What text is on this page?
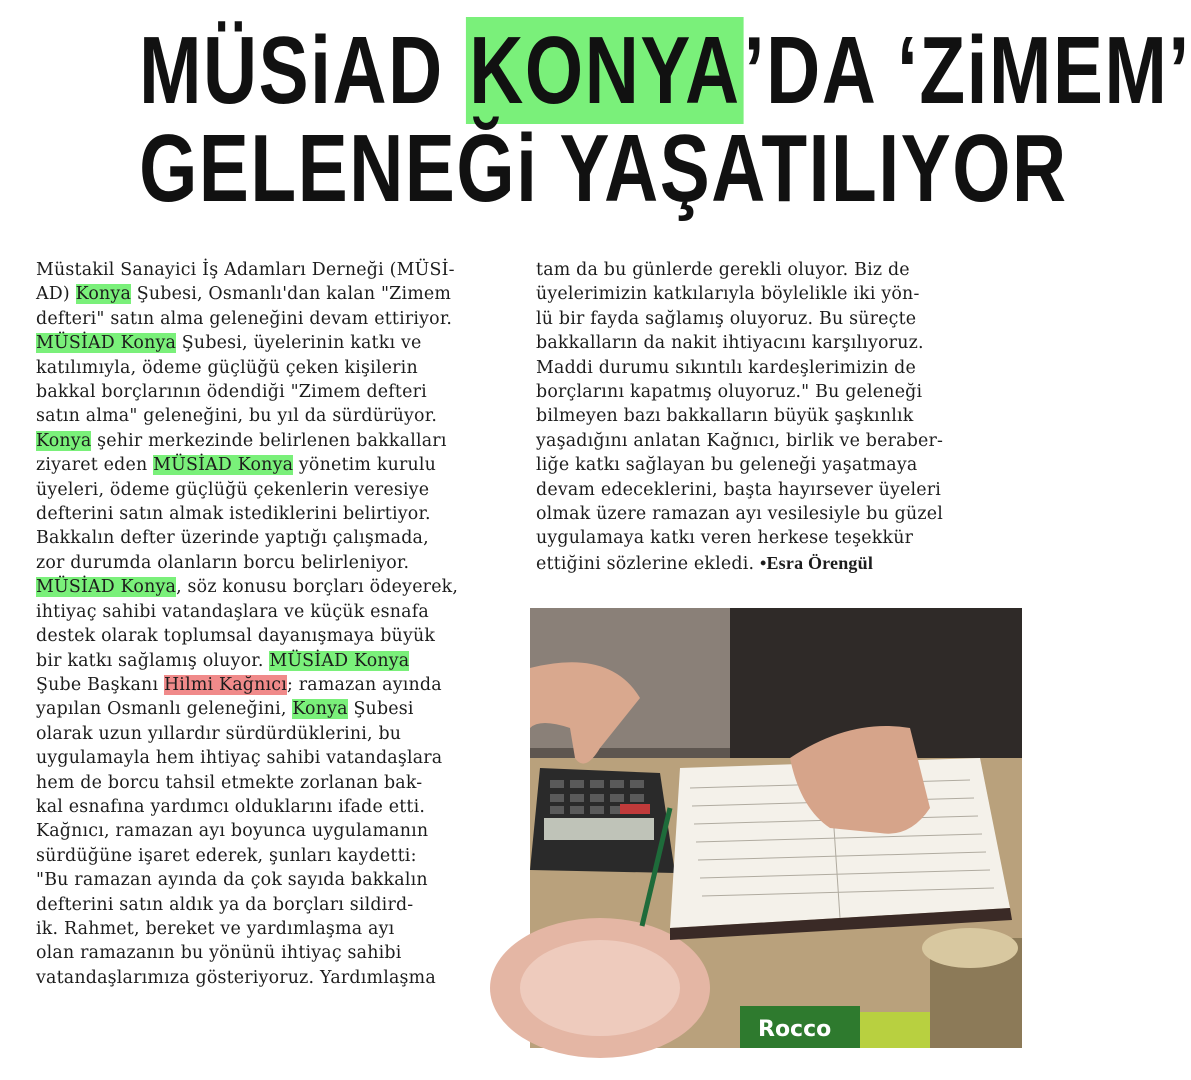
MÜSiAD KONYA’DA ‘ZiMEM’
GELENEĞi YAŞATILIYOR
Müstakil Sanayici İş Adamları Derneği (MÜSİ-
AD) Konya Şubesi, Osmanlı'dan kalan "Zimem
defteri" satın alma geleneğini devam ettiriyor.
MÜSİAD Konya Şubesi, üyelerinin katkı ve
katılımıyla, ödeme güçlüğü çeken kişilerin
bakkal borçlarının ödendiği "Zimem defteri
satın alma" geleneğini, bu yıl da sürdürüyor.
Konya şehir merkezinde belirlenen bakkalları
ziyaret eden MÜSİAD Konya yönetim kurulu
üyeleri, ödeme güçlüğü çekenlerin veresiye
defterini satın almak istediklerini belirtiyor.
Bakkalın defter üzerinde yaptığı çalışmada,
zor durumda olanların borcu belirleniyor.
MÜSİAD Konya, söz konusu borçları ödeyerek,
ihtiyaç sahibi vatandaşlara ve küçük esnafa
destek olarak toplumsal dayanışmaya büyük
bir katkı sağlamış oluyor. MÜSİAD Konya
Şube Başkanı Hilmi Kağnıcı; ramazan ayında
yapılan Osmanlı geleneğini, Konya Şubesi
olarak uzun yıllardır sürdürdüklerini, bu
uygulamayla hem ihtiyaç sahibi vatandaşlara
hem de borcu tahsil etmekte zorlanan bak-
kal esnafına yardımcı olduklarını ifade etti.
Kağnıcı, ramazan ayı boyunca uygulamanın
sürdüğüne işaret ederek, şunları kaydetti:
"Bu ramazan ayında da çok sayıda bakkalın
defterini satın aldık ya da borçları sildird-
ik. Rahmet, bereket ve yardımlaşma ayı
olan ramazanın bu yönünü ihtiyaç sahibi
vatandaşlarımıza gösteriyoruz. Yardımlaşma
tam da bu günlerde gerekli oluyor. Biz de
üyelerimizin katkılarıyla böylelikle iki yön-
lü bir fayda sağlamış oluyoruz. Bu süreçte
bakkalların da nakit ihtiyacını karşılıyoruz.
Maddi durumu sıkıntılı kardeşlerimizin de
borçlarını kapatmış oluyoruz." Bu geleneği
bilmeyen bazı bakkalların büyük şaşkınlık
yaşadığını anlatan Kağnıcı, birlik ve beraber-
liğe katkı sağlayan bu geleneği yaşatmaya
devam edeceklerini, başta hayırsever üyeleri
olmak üzere ramazan ayı vesilesiyle bu güzel
uygulamaya katkı veren herkese teşekkür
ettiğini sözlerine ekledi. •Esra Örengül
Rocco
